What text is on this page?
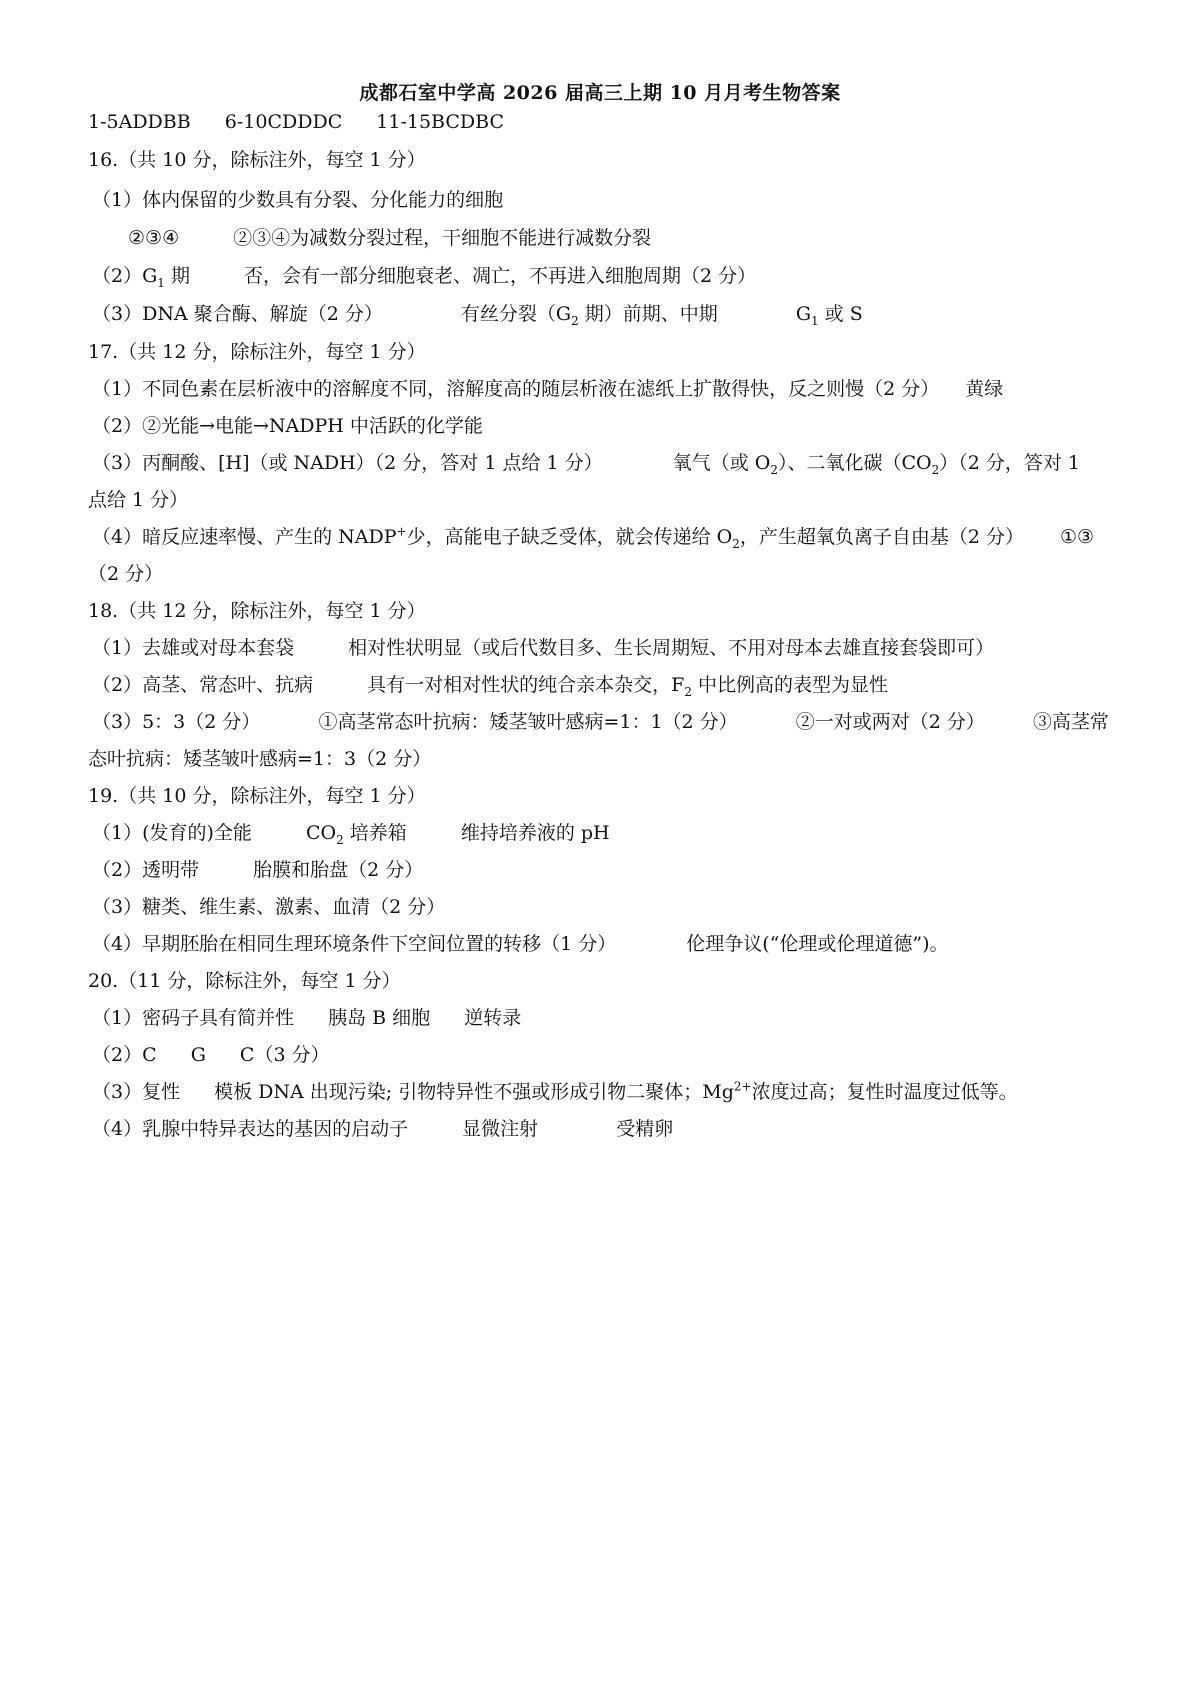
成都石室中学高 2026 届高三上期 10 月月考生物答案
1-5ADDBB 6-10CDDDC 11-15BCDBC
16.（共 10 分，除标注外，每空 1 分）
（1）体内保留的少数具有分裂、分化能力的细胞
②③④	②③④为减数分裂过程，干细胞不能进行减数分裂
$(2)G_1$ 期	否，会有一部分细胞衰老、凋亡，不再进入细胞周期（2 分）
（3）DNA 聚合酶、解旋（2 分）	有丝分裂（$G_2$ 期）前期、中期	$G_1$ 或 S
17.（共 12 分，除标注外，每空 1 分）
（1）不同色素在层析液中的溶解度不同，溶解度高的随层析液在滤纸上扩散得快，反之则慢（2 分） 黄绿
（2）②光能→电能→NADPH 中活跃的化学能
（3）丙酮酸、[H]（或 NADH）（2 分，答对 1 点给 1 分）	氧气（或 $O_2$）、二氧化碳$(CO_2)(2$ 分，答对 1
点给 1 分）
（4）暗反应速率慢、产生的 NADP+少，高能电子缺乏受体，就会传递给 $O_2$，产生超氧负离子自由基（2 分） ①③
（2 分）
18.（共 12 分，除标注外，每空 1 分）
（1）去雄或对母本套袋	相对性状明显（或后代数目多、生长周期短、不用对母本去雄直接套袋即可）
（2）高茎、常态叶、抗病	具有一对相对性状的纯合亲本杂交，$F_2$ 中比例高的表型为显性
（3）5：3（2 分）	①高茎常态叶抗病：矮茎皱叶感病=1：1（2 分）	②一对或两对（2 分）	③高茎常
态叶抗病：矮茎皱叶感病=1：3（2 分）
19.（共 10 分，除标注外，每空 1 分）
（1）(发育的)全能	$CO_2$ 培养箱	维持培养液的 pH
（2）透明带	胎膜和胎盘（2 分）
（3）糖类、维生素、激素、血清（2 分）
（4）早期胚胎在相同生理环境条件下空间位置的转移（1 分）	伦理争议(“伦理或伦理道德”)。
20.（11 分，除标注外，每空 1 分）
（1）密码子具有简并性 胰岛 B 细胞 逆转录
（2）C G C（3 分）
（3）复性 模板 DNA 出现污染; 引物特异性不强或形成引物二聚体；$Mg^{2+}$浓度过高；复性时温度过低等。
（4）乳腺中特异表达的基因的启动子	显微注射	受精卵
